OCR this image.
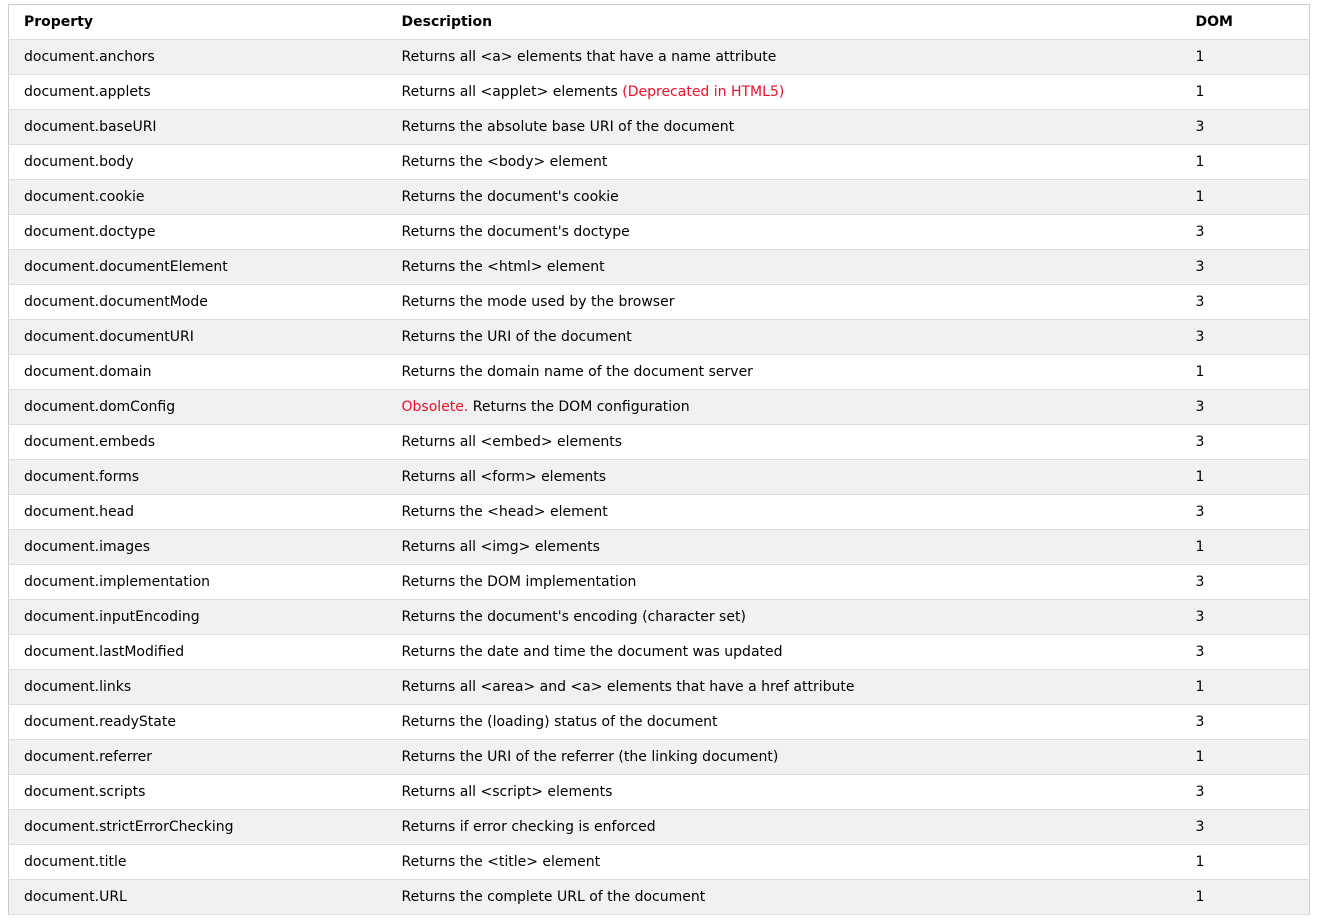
Property	Description	DOM
document.anchors	Returns all <a> elements that have a name attribute	1
document.applets	Returns all <applet> elements (Deprecated in HTML5)	1
document.baseURI	Returns the absolute base URI of the document	3
document.body	Returns the <body> element	1
document.cookie	Returns the document's cookie	1
document.doctype	Returns the document's doctype	3
document.documentElement	Returns the <html> element	3
document.documentMode	Returns the mode used by the browser	3
document.documentURI	Returns the URI of the document	3
document.domain	Returns the domain name of the document server	1
document.domConfig	Obsolete. Returns the DOM configuration	3
document.embeds	Returns all <embed> elements	3
document.forms	Returns all <form> elements	1
document.head	Returns the <head> element	3
document.images	Returns all <img> elements	1
document.implementation	Returns the DOM implementation	3
document.inputEncoding	Returns the document's encoding (character set)	3
document.lastModified	Returns the date and time the document was updated	3
document.links	Returns all <area> and <a> elements that have a href attribute	1
document.readyState	Returns the (loading) status of the document	3
document.referrer	Returns the URI of the referrer (the linking document)	1
document.scripts	Returns all <script> elements	3
document.strictErrorChecking	Returns if error checking is enforced	3
document.title	Returns the <title> element	1
document.URL	Returns the complete URL of the document	1
